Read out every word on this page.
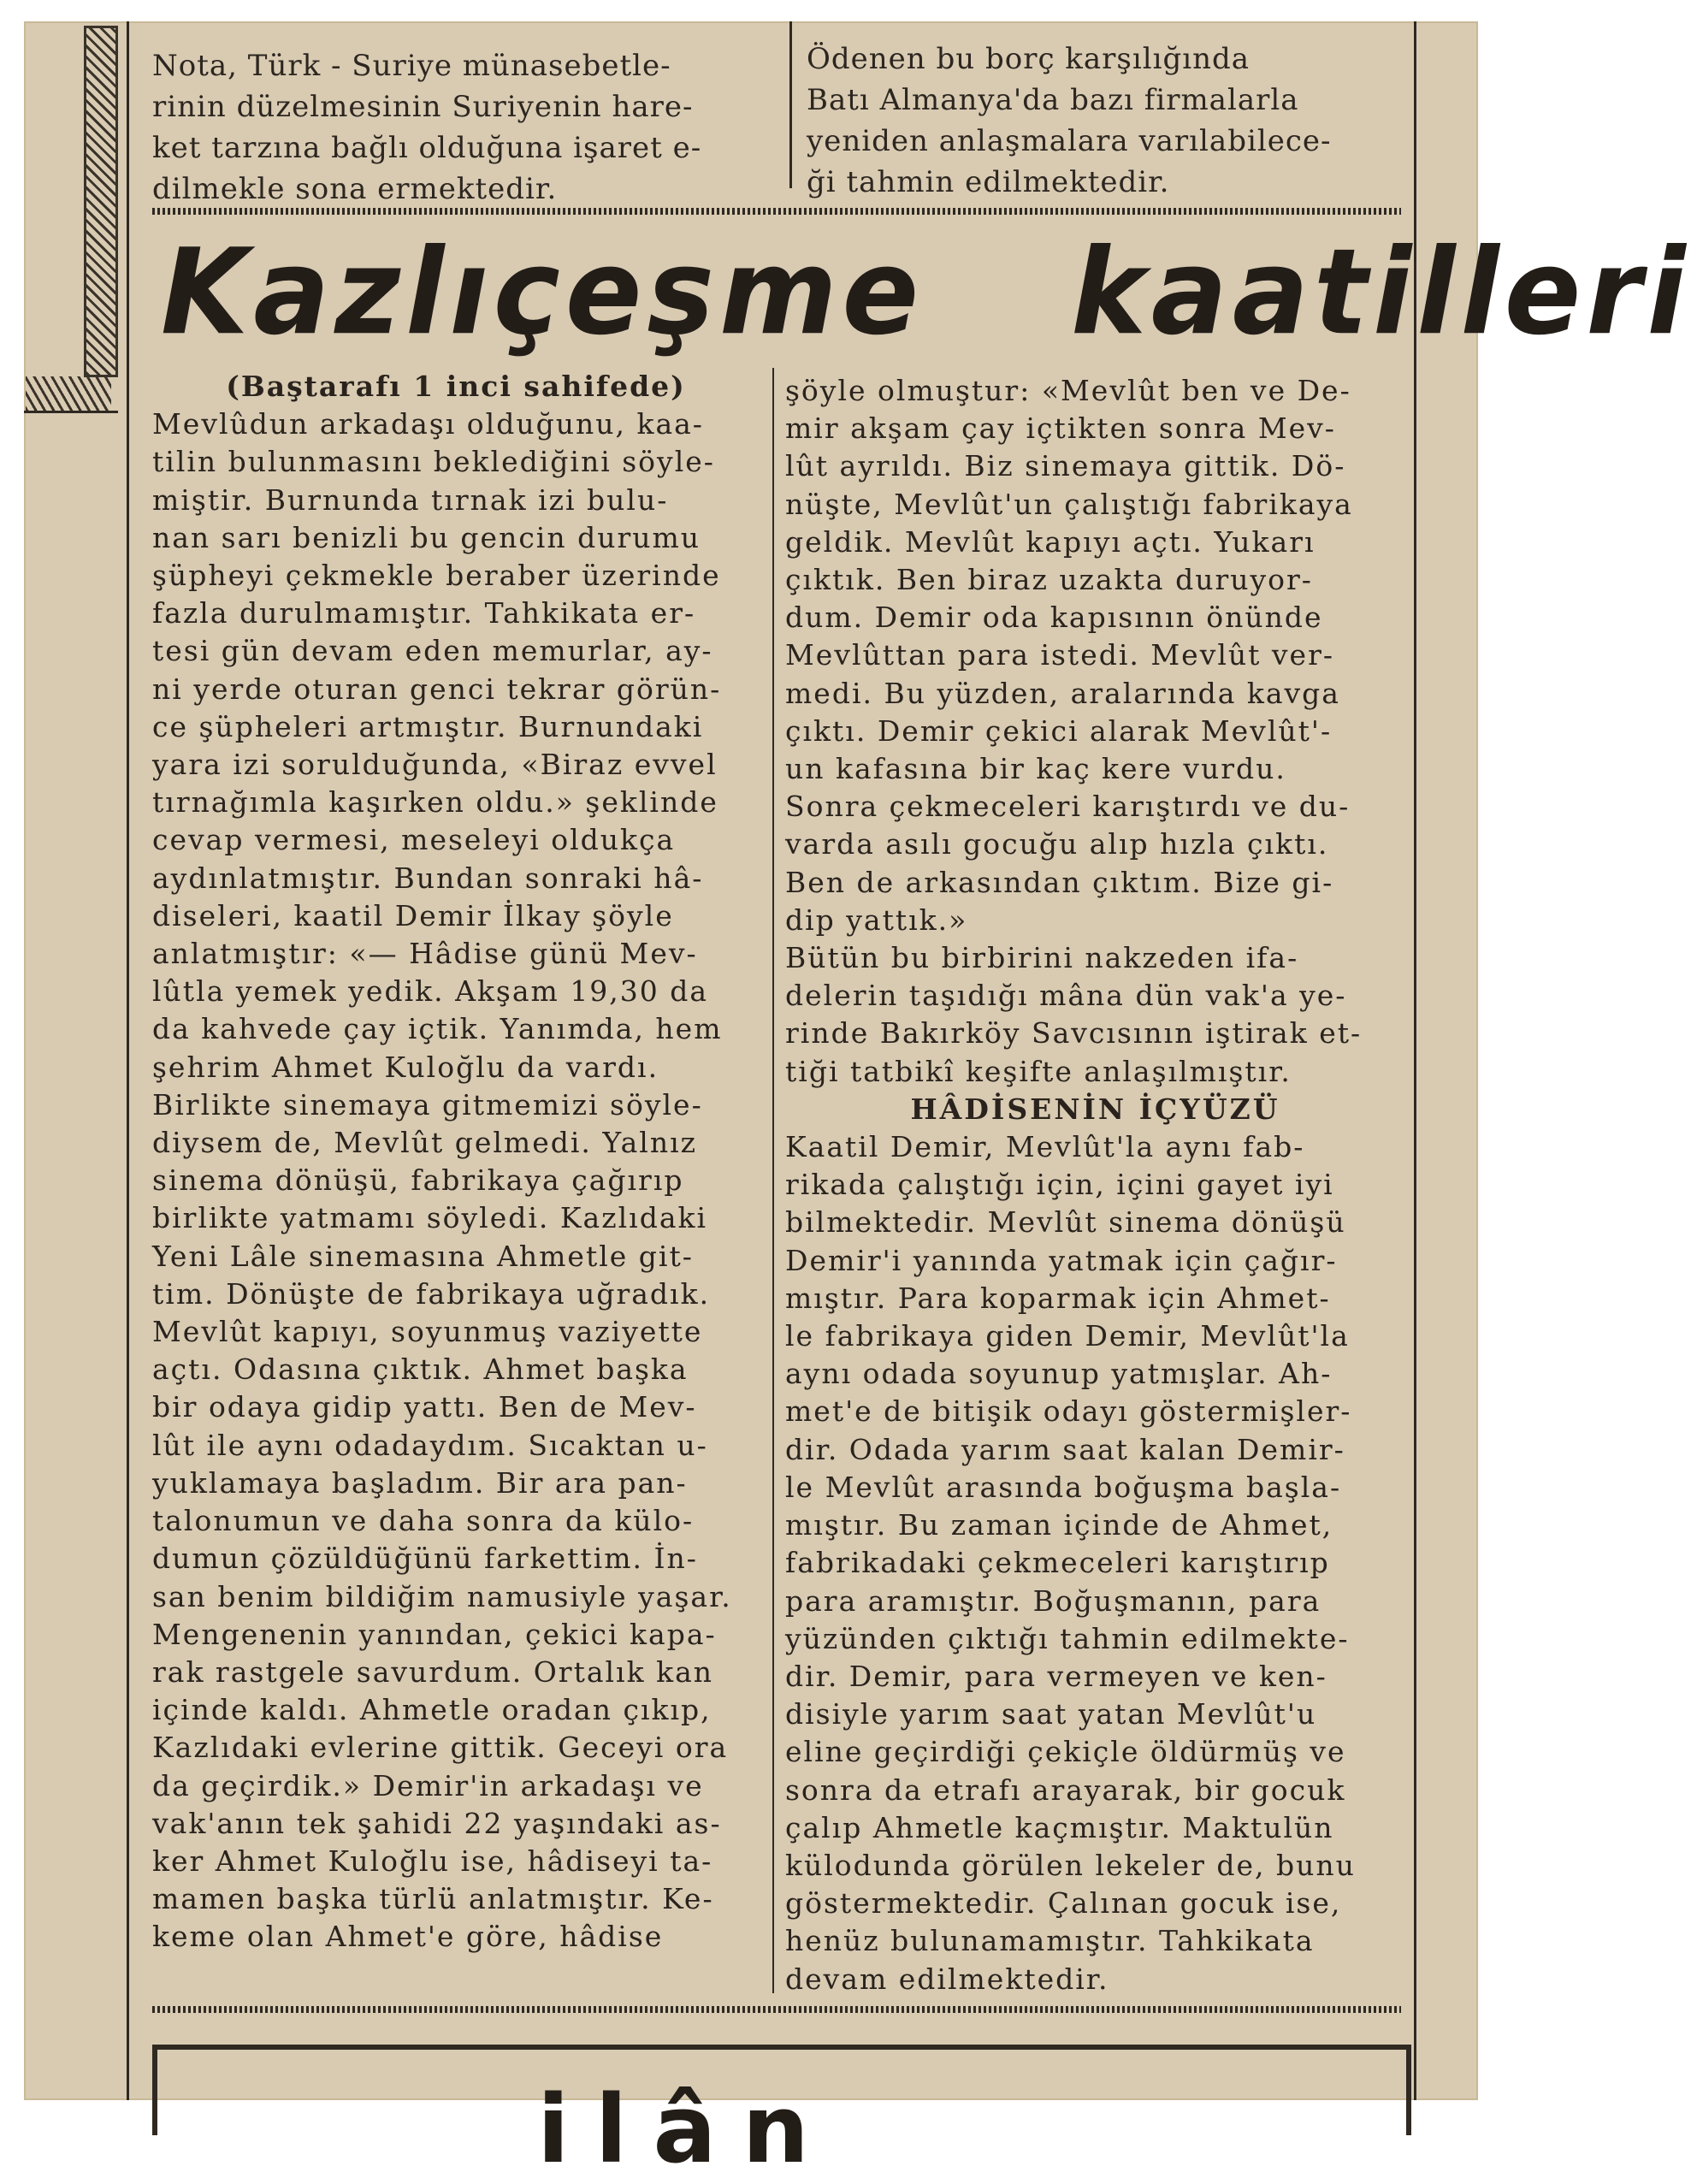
Nota, Türk - Suriye münasebetle-
rinin düzelmesinin Suriyenin hare-
ket tarzına bağlı olduğuna işaret e-
dilmekle sona ermektedir.
Ödenen bu borç karşılığında
Batı Almanya'da bazı firmalarla
yeniden anlaşmalara varılabilece-
ği tahmin edilmektedir.
Kazlıçeşme kaatilleri
(Baştarafı 1 inci sahifede)
Mevlûdun arkadaşı olduğunu, kaa-
tilin bulunmasını beklediğini söyle-
miştir. Burnunda tırnak izi bulu-
nan sarı benizli bu gencin durumu
şüpheyi çekmekle beraber üzerinde
fazla durulmamıştır. Tahkikata er-
tesi gün devam eden memurlar, ay-
ni yerde oturan genci tekrar görün-
ce şüpheleri artmıştır. Burnundaki
yara izi sorulduğunda, «Biraz evvel
tırnağımla kaşırken oldu.» şeklinde
cevap vermesi, meseleyi oldukça
aydınlatmıştır. Bundan sonraki hâ-
diseleri, kaatil Demir İlkay şöyle
anlatmıştır: «— Hâdise günü Mev-
lûtla yemek yedik. Akşam 19,30 da
da kahvede çay içtik. Yanımda, hem
şehrim Ahmet Kuloğlu da vardı.
Birlikte sinemaya gitmemizi söyle-
diysem de, Mevlût gelmedi. Yalnız
sinema dönüşü, fabrikaya çağırıp
birlikte yatmamı söyledi. Kazlıdaki
Yeni Lâle sinemasına Ahmetle git-
tim. Dönüşte de fabrikaya uğradık.
Mevlût kapıyı, soyunmuş vaziyette
açtı. Odasına çıktık. Ahmet başka
bir odaya gidip yattı. Ben de Mev-
lût ile aynı odadaydım. Sıcaktan u-
yuklamaya başladım. Bir ara pan-
talonumun ve daha sonra da külo-
dumun çözüldüğünü farkettim. İn-
san benim bildiğim namusiyle yaşar.
Mengenenin yanından, çekici kapa-
rak rastgele savurdum. Ortalık kan
içinde kaldı. Ahmetle oradan çıkıp,
Kazlıdaki evlerine gittik. Geceyi ora
da geçirdik.» Demir'in arkadaşı ve
vak'anın tek şahidi 22 yaşındaki as-
ker Ahmet Kuloğlu ise, hâdiseyi ta-
mamen başka türlü anlatmıştır. Ke-
keme olan Ahmet'e göre, hâdise
şöyle olmuştur: «Mevlût ben ve De-
mir akşam çay içtikten sonra Mev-
lût ayrıldı. Biz sinemaya gittik. Dö-
nüşte, Mevlût'un çalıştığı fabrikaya
geldik. Mevlût kapıyı açtı. Yukarı
çıktık. Ben biraz uzakta duruyor-
dum. Demir oda kapısının önünde
Mevlûttan para istedi. Mevlût ver-
medi. Bu yüzden, aralarında kavga
çıktı. Demir çekici alarak Mevlût'-
un kafasına bir kaç kere vurdu.
Sonra çekmeceleri karıştırdı ve du-
varda asılı gocuğu alıp hızla çıktı.
Ben de arkasından çıktım. Bize gi-
dip yattık.»
Bütün bu birbirini nakzeden ifa-
delerin taşıdığı mâna dün vak'a ye-
rinde Bakırköy Savcısının iştirak et-
tiği tatbikî keşifte anlaşılmıştır.
HÂDİSENİN İÇYÜZÜ
Kaatil Demir, Mevlût'la aynı fab-
rikada çalıştığı için, içini gayet iyi
bilmektedir. Mevlût sinema dönüşü
Demir'i yanında yatmak için çağır-
mıştır. Para koparmak için Ahmet-
le fabrikaya giden Demir, Mevlût'la
aynı odada soyunup yatmışlar. Ah-
met'e de bitişik odayı göstermişler-
dir. Odada yarım saat kalan Demir-
le Mevlût arasında boğuşma başla-
mıştır. Bu zaman içinde de Ahmet,
fabrikadaki çekmeceleri karıştırıp
para aramıştır. Boğuşmanın, para
yüzünden çıktığı tahmin edilmekte-
dir. Demir, para vermeyen ve ken-
disiyle yarım saat yatan Mevlût'u
eline geçirdiği çekiçle öldürmüş ve
sonra da etrafı arayarak, bir gocuk
çalıp Ahmetle kaçmıştır. Maktulün
külodunda görülen lekeler de, bunu
göstermektedir. Çalınan gocuk ise,
henüz bulunamamıştır. Tahkikata
devam edilmektedir.
ilân
